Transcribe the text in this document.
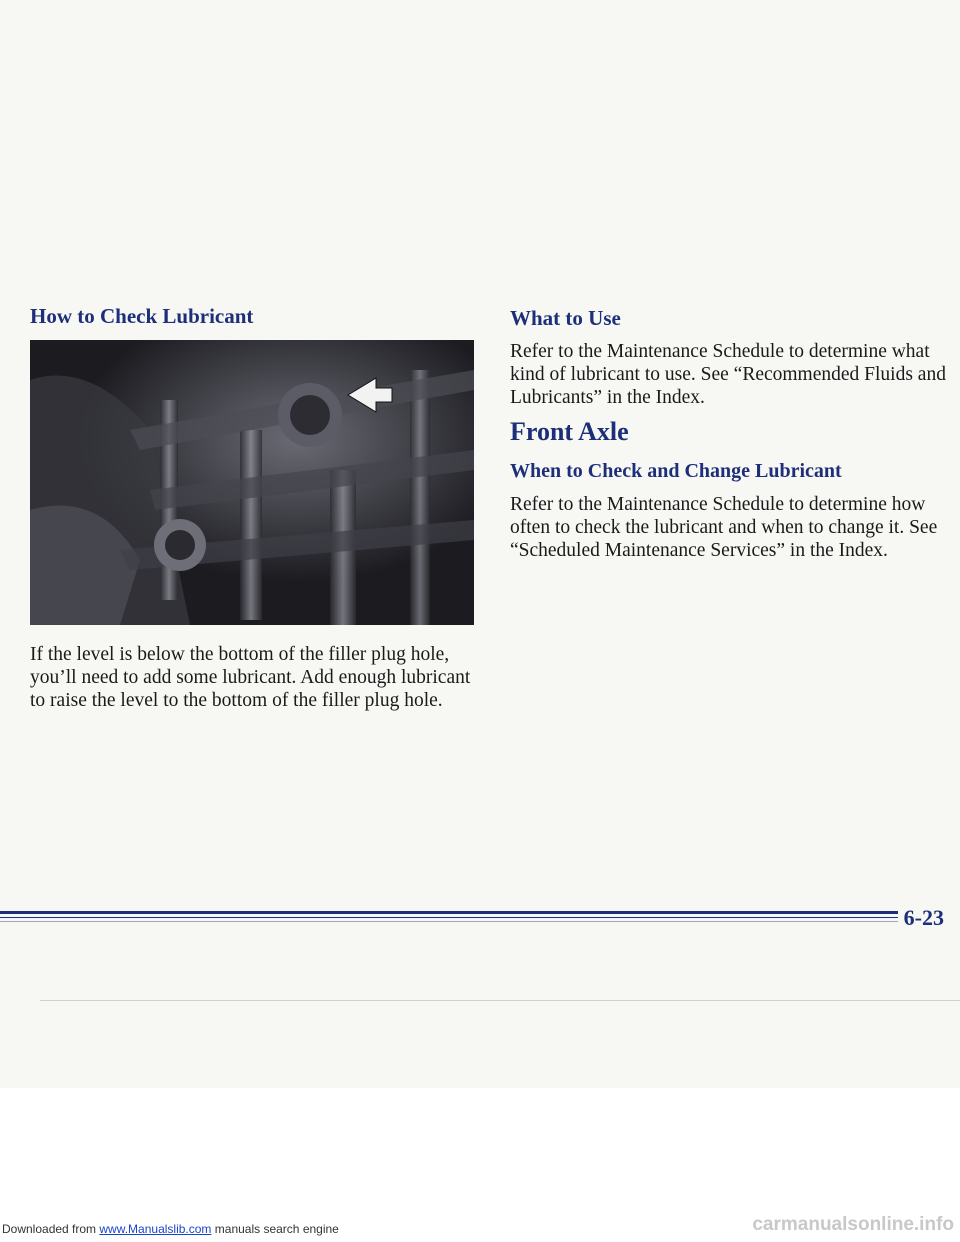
How to Check Lubricant

If the level is below the bottom of the filler plug hole, you’ll need to add some lubricant. Add enough lubricant to raise the level to the bottom of the filler plug hole.

What to Use

Refer to the Maintenance Schedule to determine what kind of lubricant to use. See “Recommended Fluids and Lubricants” in the Index.

Front Axle
When to Check and Change Lubricant

Refer to the Maintenance Schedule to determine how often to check the lubricant and when to change it. See “Scheduled Maintenance Services” in the Index.

6-23
Downloaded from www.Manualslib.com manuals search engine	carmanualsonline.info
